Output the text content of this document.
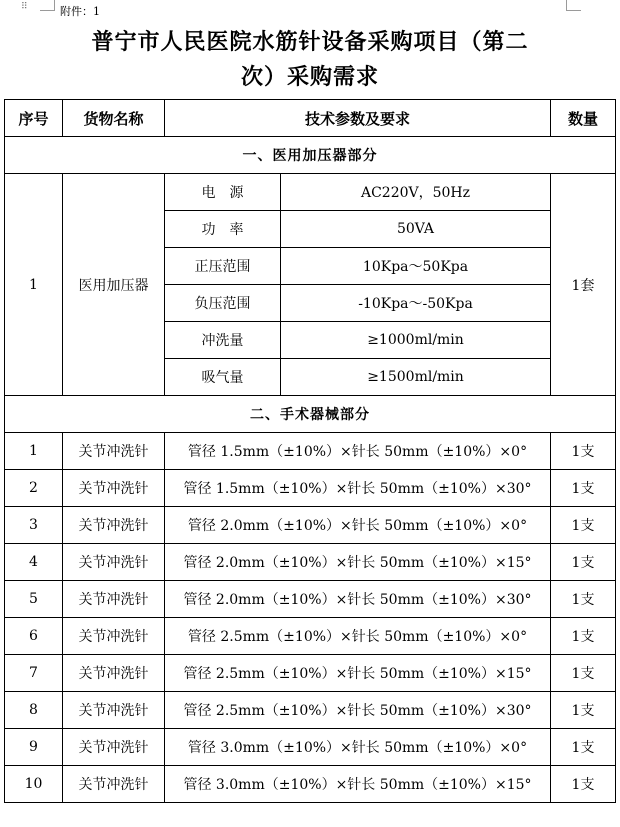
⠿	附件：1
普宁市人民医院水筋针设备采购项目（第二
次）采购需求
序号	货物名称	技术参数及要求		数量
一、医用加压器部分				
1	医用加压器	电源	AC220V，50Hz	1套
		功率	50VA	
		正压范围	10Kpa～50Kpa	
		负压范围	-10Kpa～-50Kpa	
		冲洗量	≥1000ml/min	
		吸气量	≥1500ml/min	
二、手术器械部分				
1	关节冲洗针	管径 1.5mm（±10%）×针长 50mm（±10%）×0°		1支
2	关节冲洗针	管径 1.5mm（±10%）×针长 50mm（±10%）×30°		1支
3	关节冲洗针	管径 2.0mm（±10%）×针长 50mm（±10%）×0°		1支
4	关节冲洗针	管径 2.0mm（±10%）×针长 50mm（±10%）×15°		1支
5	关节冲洗针	管径 2.0mm（±10%）×针长 50mm（±10%）×30°		1支
6	关节冲洗针	管径 2.5mm（±10%）×针长 50mm（±10%）×0°		1支
7	关节冲洗针	管径 2.5mm（±10%）×针长 50mm（±10%）×15°		1支
8	关节冲洗针	管径 2.5mm（±10%）×针长 50mm（±10%）×30°		1支
9	关节冲洗针	管径 3.0mm（±10%）×针长 50mm（±10%）×0°		1支
10	关节冲洗针	管径 3.0mm（±10%）×针长 50mm（±10%）×15°		1支
